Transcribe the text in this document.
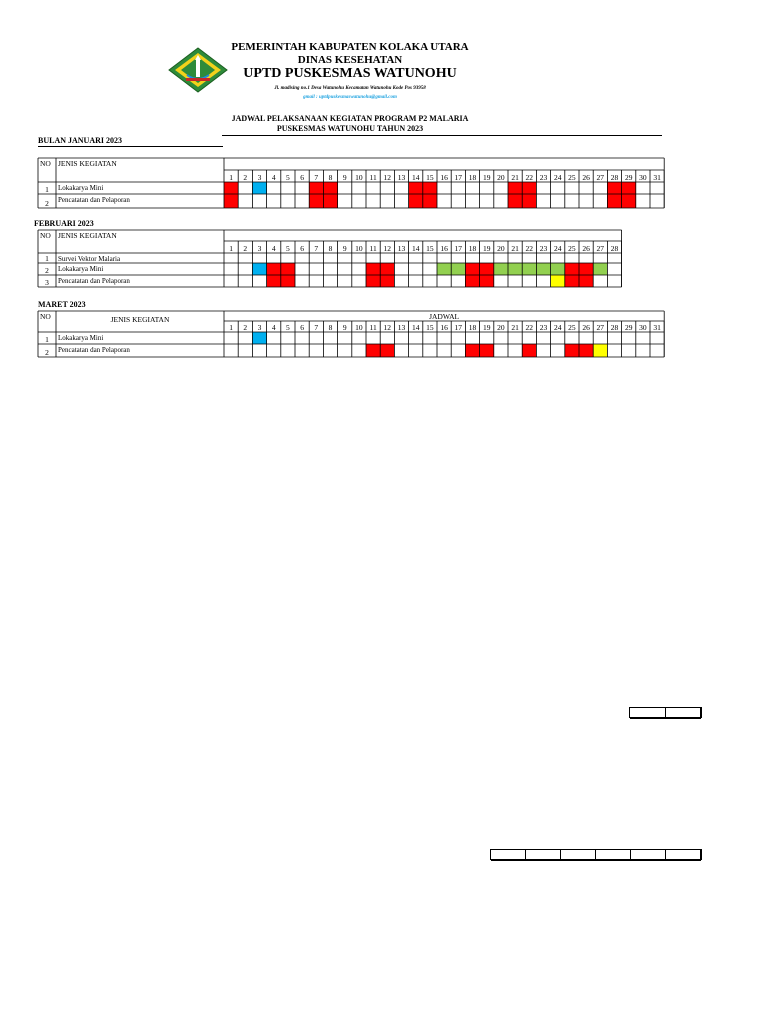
PEMERINTAH KABUPATEN KOLAKA UTARA
DINAS KESEHATAN
UPTD PUSKESMAS WATUNOHU
Jl. madising no.1 Desa Watunohu Kecamatan Watunohu Kode Pos 93958
gmail : uptdpuskesmaswatunohu@gmail.com
JADWAL PELAKSANAAN KEGIATAN PROGRAM P2 MALARIA
PUSKESMAS WATUNOHU TAHUN 2023
BULAN JANUARI 2023
FEBRUARI 2023
MARET 2023
NO JENIS KEGIATAN
1 2 3 4 5 6 7 8 9 10 11 12 13 14 15 16 17 18 19 20 21 22 23 24 25 26 27 28 29 30 31
1 Lokakarya Mini
2 Pencatatan dan Pelaporan
NO JENIS KEGIATAN
1 2 3 4 5 6 7 8 9 10 11 12 13 14 15 16 17 18 19 20 21 22 23 24 25 26 27 28
1 Survei Vektor Malaria
2 Lokakarya Mini
3 Pencatatan dan Pelaporan
NO	JENIS KEGIATAN	JADWAL
1 2 3 4 5 6 7 8 9 10 11 12 13 14 15 16 17 18 19 20 21 22 23 24 25 26 27 28 29 30 31
1 Lokakarya Mini
2 Pencatatan dan Pelaporan
